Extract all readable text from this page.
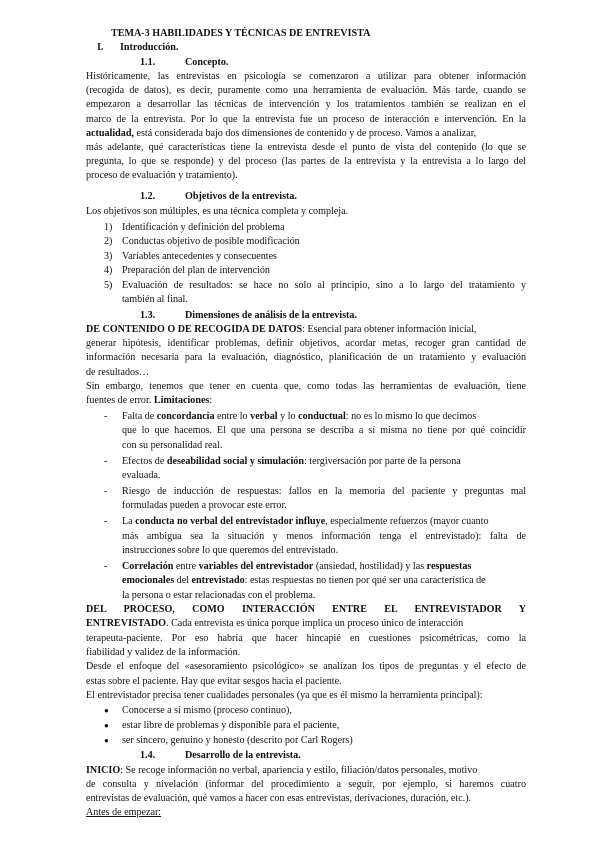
TEMA-3 HABILIDADES Y TÉCNICAS DE ENTREVISTA
I. Introducción.
1.1.	Concepto.
Históricamente, las entrevistas en psicología se comenzaron a utilizar para obtener información
(recogida de datos), es decir, puramente como una herramienta de evaluación. Más tarde, cuando se
empezaron a desarrollar las técnicas de intervención y los tratamientos también se realizan en el
marco de la entrevista. Por lo que la entrevista fue un proceso de interacción e intervención. En la
actualidad, está considerada bajo dos dimensiones de contenido y de proceso. Vamos a analizar,
más adelante, qué características tiene la entrevista desde el punto de vista del contenido (lo que se
pregunta, lo que se responde) y del proceso (las partes de la entrevista y la entrevista a lo largo del
proceso de evaluación y tratamiento).
1.2.	Objetivos de la entrevista.
Los objetivos son múltiples, es una técnica completa y compleja.
1) Identificación y definición del problema
2) Conductas objetivo de posible modificación
3) Variables antecedentes y consecuentes
4) Preparación del plan de intervención
5) Evaluación de resultados: se hace no solo al principio, sino a lo largo del tratamiento y
también al final.
1.3.	Dimensiones de análisis de la entrevista.
DE CONTENIDO O DE RECOGIDA DE DATOS: Esencial para obtener información inicial,
generar hipótesis, identificar problemas, definir objetivos, acordar metas, recoger gran cantidad de
información necesaria para la evaluación, diagnóstico, planificación de un tratamiento y evaluación
de resultados…
Sin embargo, tenemos que tener en cuenta que, como todas las herramientas de evaluación, tiene
fuentes de error. Limitaciones:
- Falta de concordancia entre lo verbal y lo conductual: no es lo mismo lo que decimos
que lo que hacemos. El que una persona se describa a sí misma no tiene por qué coincidir
con su personalidad real.
- Efectos de deseabilidad social y simulación: tergiversación por parte de la persona
evaluada.
- Riesgo de inducción de respuestas: fallos en la memoria del paciente y preguntas mal
formuladas pueden a provocar este error.
- La conducta no verbal del entrevistador influye, especialmente refuerzos (mayor cuanto
más ambigua sea la situación y menos información tenga el entrevistado): falta de
instrucciones sobre lo que queremos del entrevistado.
- Correlación entre variables del entrevistador (ansiedad, hostilidad) y las respuestas
emocionales del entrevistado: estas respuestas no tienen por qué ser una característica de
la persona o estar relacionadas con el problema.
DEL PROCESO, COMO INTERACCIÓN ENTRE EL ENTREVISTADOR Y
ENTREVISTADO. Cada entrevista es única porque implica un proceso único de interacción
terapeuta-paciente. Por eso habría que hacer hincapié en cuestiones psicométricas, como la
fiabilidad y validez de la información.
Desde el enfoque del «asesoramiento psicológico» se analizan los tipos de preguntas y el efecto de
estas sobre el paciente. Hay que evitar sesgos hacia el paciente.
El entrevistador precisa tener cualidades personales (ya que es él mismo la herramienta principal):
● Conocerse a sí mismo (proceso continuo),
● estar libre de problemas y disponible para el paciente,
● ser sincero, genuino y honesto (descrito por Carl Rogers)
1.4.	Desarrollo de la entrevista.
INICIO: Se recoge información no verbal, apariencia y estilo, filiación/datos personales, motivo
de consulta y nivelación (informar del procedimiento a seguir, por ejemplo, si haremos cuatro
entrevistas de evaluación, qué vamos a hacer con esas entrevistas, derivaciones, duración, etc.).
Antes de empezar:
